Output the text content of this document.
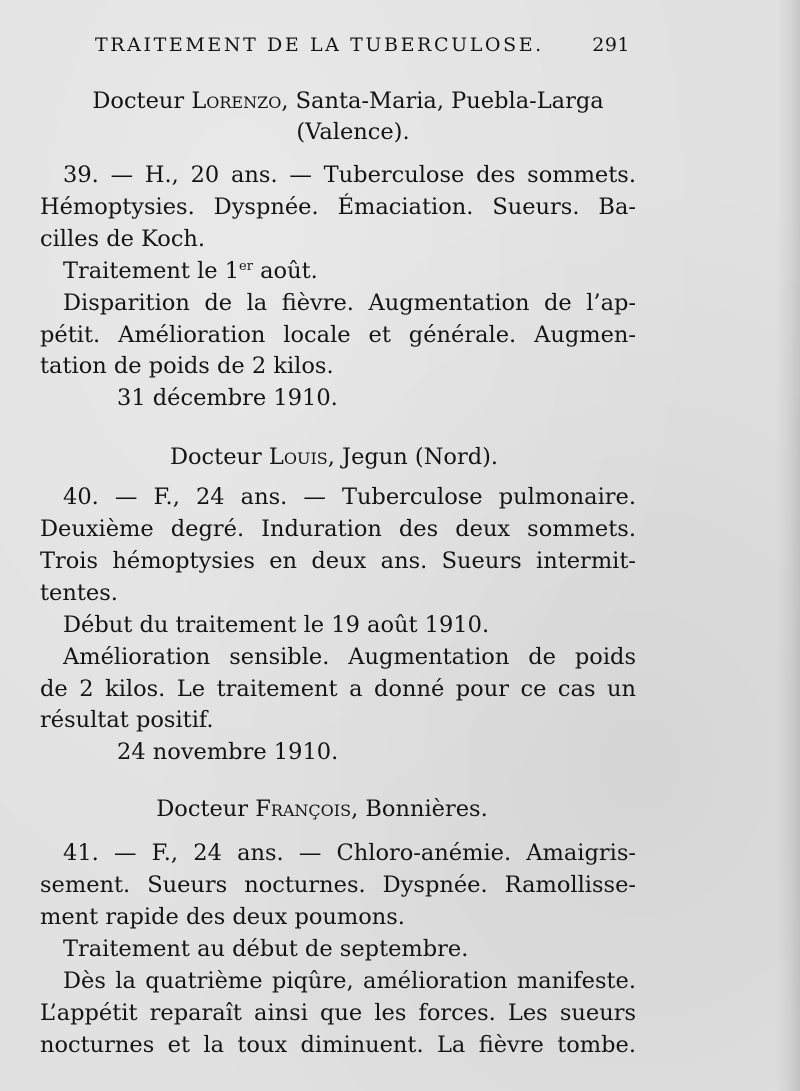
TRAITEMENT DE LA TUBERCULOSE.	291
Docteur Lorenzo, Santa-Maria, Puebla-Larga
(Valence).
39. — H., 20 ans. — Tuberculose des sommets.
Hémoptysies. Dyspnée. Émaciation. Sueurs. Ba-
cilles de Koch.
Traitement le 1er août.
Disparition de la fièvre. Augmentation de l’ap-
pétit. Amélioration locale et générale. Augmen-
tation de poids de 2 kilos.
31 décembre 1910.
Docteur Louis, Jegun (Nord).
40. — F., 24 ans. — Tuberculose pulmonaire.
Deuxième degré. Induration des deux sommets.
Trois hémoptysies en deux ans. Sueurs intermit-
tentes.
Début du traitement le 19 août 1910.
Amélioration sensible. Augmentation de poids
de 2 kilos. Le traitement a donné pour ce cas un
résultat positif.
24 novembre 1910.
Docteur François, Bonnières.
41. — F., 24 ans. — Chloro-anémie. Amaigris-
sement. Sueurs nocturnes. Dyspnée. Ramollisse-
ment rapide des deux poumons.
Traitement au début de septembre.
Dès la quatrième piqûre, amélioration manifeste.
L’appétit reparaît ainsi que les forces. Les sueurs
nocturnes et la toux diminuent. La fièvre tombe.
